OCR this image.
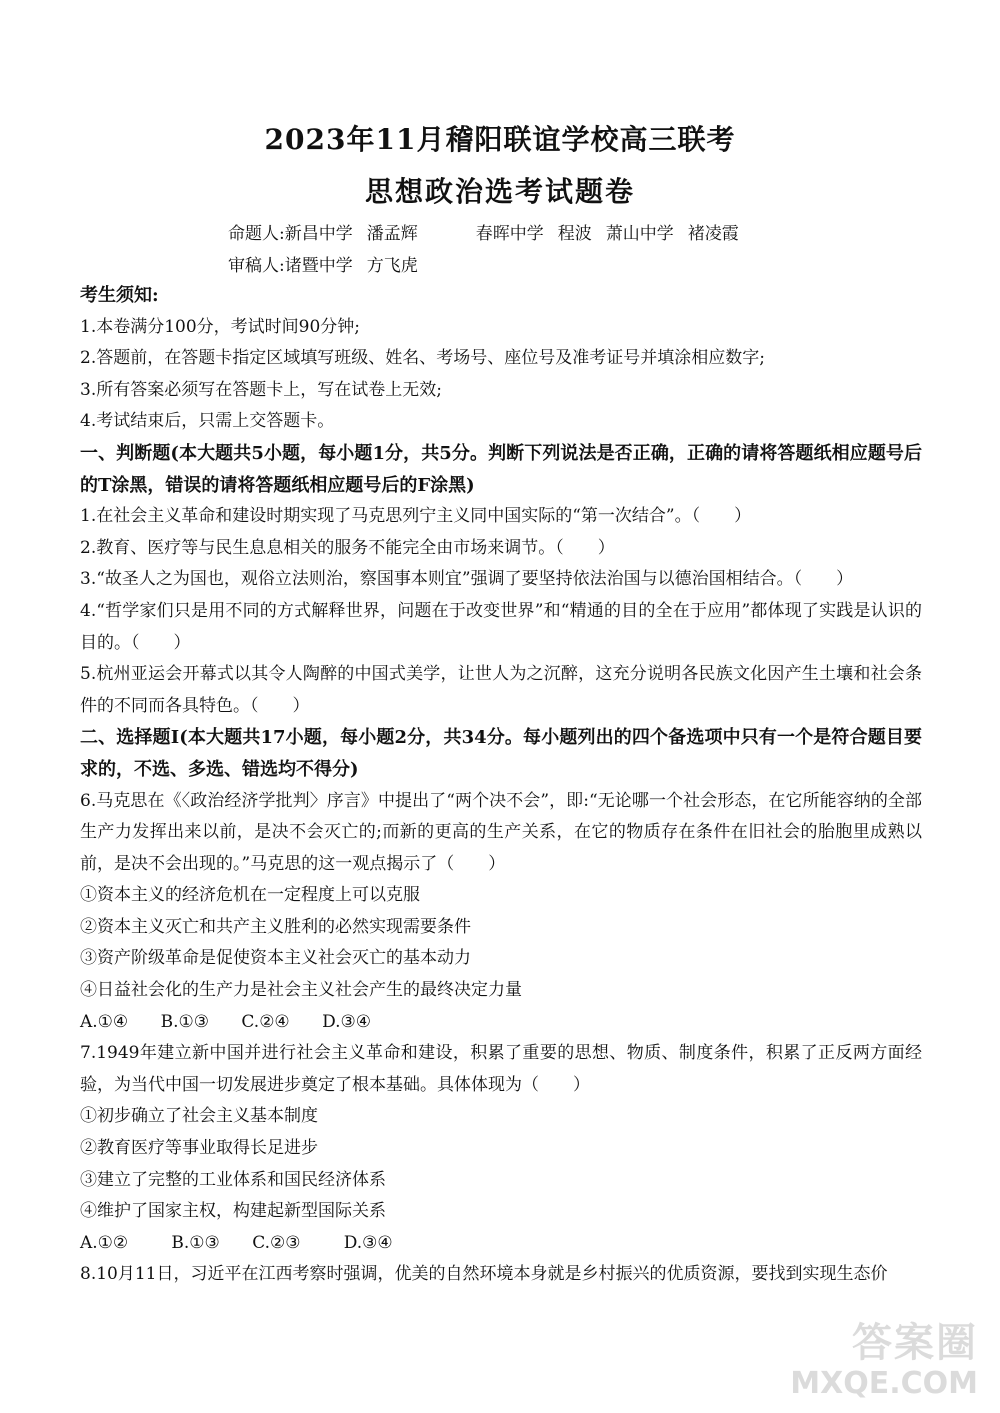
2023年11月稽阳联谊学校高三联考
思想政治选考试题卷
命题人:新昌中学 潘孟辉	春晖中学 程波 萧山中学 褚凌霞
审稿人:诸暨中学 方飞虎
考生须知:
1.本卷满分100分，考试时间90分钟;
2.答题前，在答题卡指定区域填写班级、姓名、考场号、座位号及准考证号并填涂相应数字;
3.所有答案必须写在答题卡上，写在试卷上无效;
4.考试结束后，只需上交答题卡。
一、判断题(本大题共5小题，每小题1分，共5分。判断下列说法是否正确，正确的请将答题纸相应题号后的T涂黑，错误的请将答题纸相应题号后的F涂黑)
1.在社会主义革命和建设时期实现了马克思列宁主义同中国实际的“第一次结合”。（　　）
2.教育、医疗等与民生息息相关的服务不能完全由市场来调节。（　　）
3.“故圣人之为国也，观俗立法则治，察国事本则宜”强调了要坚持依法治国与以德治国相结合。（　　）
4.“哲学家们只是用不同的方式解释世界，问题在于改变世界”和“精通的目的全在于应用”都体现了实践是认识的目的。（　　）
5.杭州亚运会开幕式以其令人陶醉的中国式美学，让世人为之沉醉，这充分说明各民族文化因产生土壤和社会条件的不同而各具特色。（　　）
二、选择题Ⅰ(本大题共17小题，每小题2分，共34分。每小题列出的四个备选项中只有一个是符合题目要求的，不选、多选、错选均不得分)
6.马克思在《〈政治经济学批判〉序言》中提出了“两个决不会”，即:“无论哪一个社会形态，在它所能容纳的全部生产力发挥出来以前，是决不会灭亡的;而新的更高的生产关系，在它的物质存在条件在旧社会的胎胞里成熟以前，是决不会出现的。”马克思的这一观点揭示了（　　）
①资本主义的经济危机在一定程度上可以克服
②资本主义灭亡和共产主义胜利的必然实现需要条件
③资产阶级革命是促使资本主义社会灭亡的基本动力
④日益社会化的生产力是社会主义社会产生的最终决定力量
A.①④      B.①③      C.②④      D.③④
7.1949年建立新中国并进行社会主义革命和建设，积累了重要的思想、物质、制度条件，积累了正反两方面经验，为当代中国一切发展进步奠定了根本基础。具体体现为（　　）
①初步确立了社会主义基本制度
②教育医疗等事业取得长足进步
③建立了完整的工业体系和国民经济体系
④维护了国家主权，构建起新型国际关系
A.①②        B.①③      C.②③        D.③④
8.10月11日，习近平在江西考察时强调，优美的自然环境本身就是乡村振兴的优质资源，要找到实现生态价
答案圈
MXQE.COM
